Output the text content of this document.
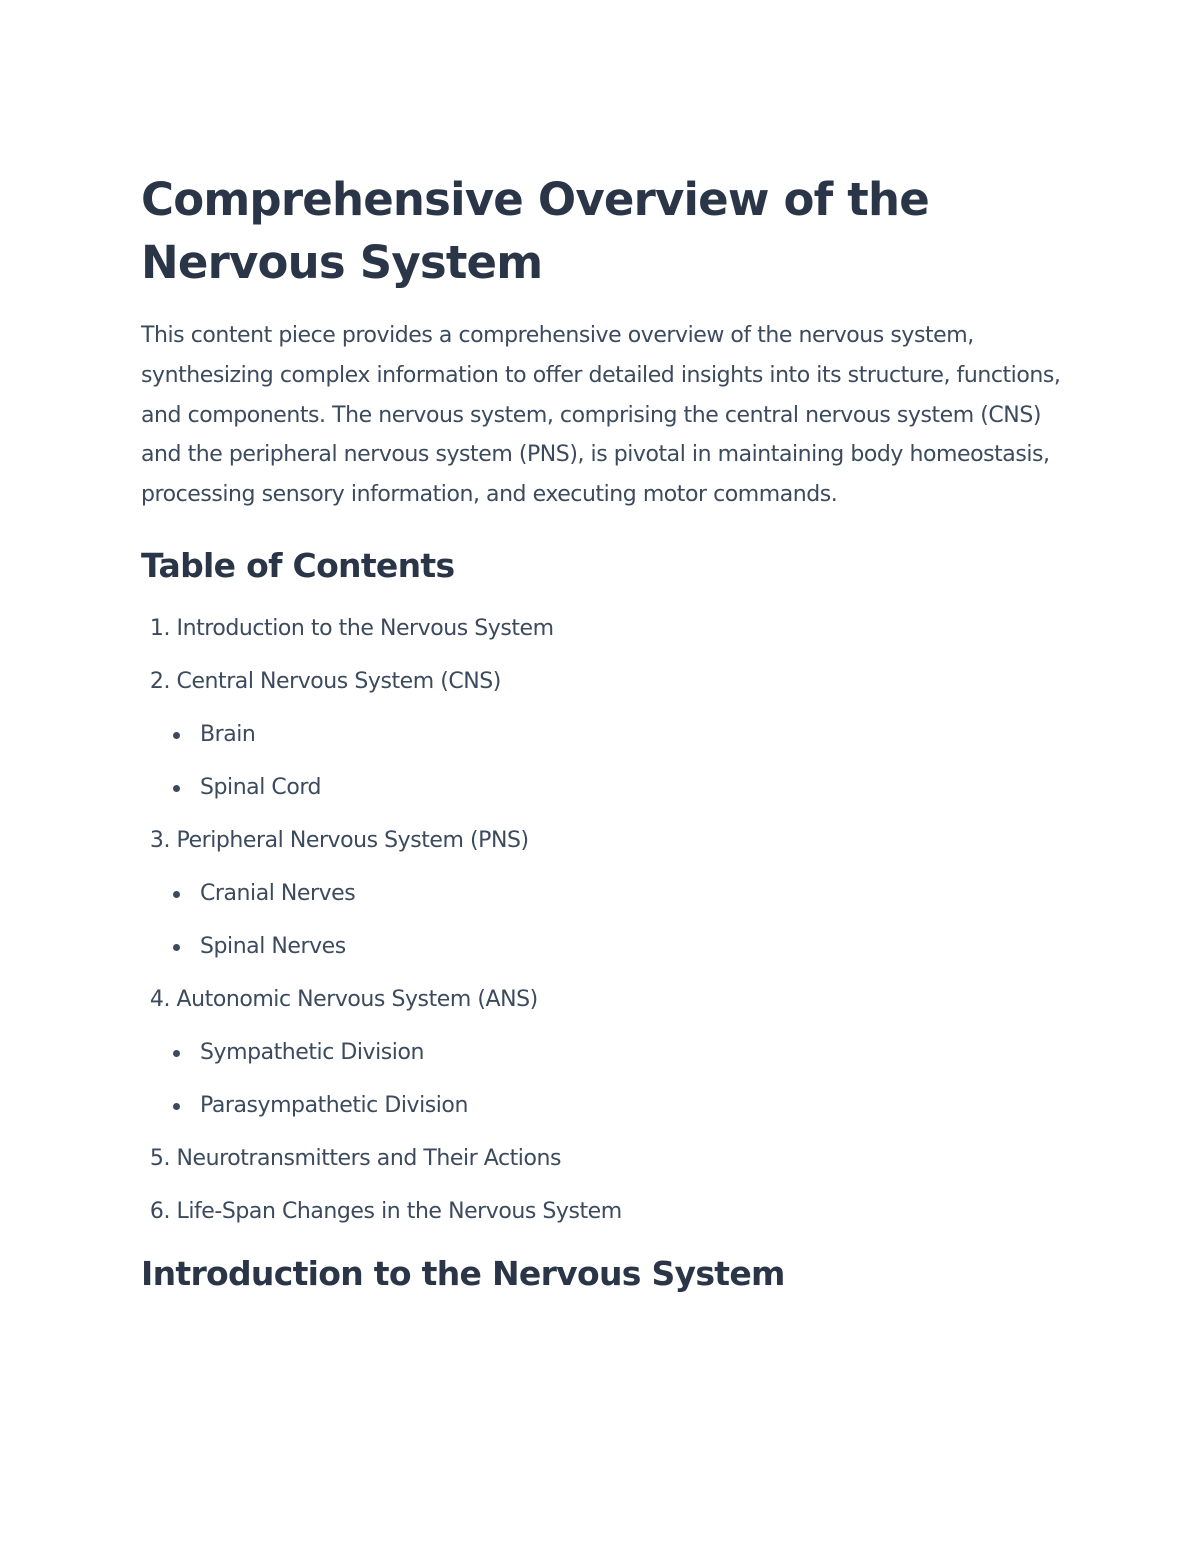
Comprehensive Overview of the Nervous System

This content piece provides a comprehensive overview of the nervous system, synthesizing complex information to offer detailed insights into its structure, functions, and components. The nervous system, comprising the central nervous system (CNS) and the peripheral nervous system (PNS), is pivotal in maintaining body homeostasis, processing sensory information, and executing motor commands.

Table of Contents
1. Introduction to the Nervous System
2. Central Nervous System (CNS)
Brain
Spinal Cord
3. Peripheral Nervous System (PNS)
Cranial Nerves
Spinal Nerves
4. Autonomic Nervous System (ANS)
Sympathetic Division
Parasympathetic Division
5. Neurotransmitters and Their Actions
6. Life-Span Changes in the Nervous System
Introduction to the Nervous System
